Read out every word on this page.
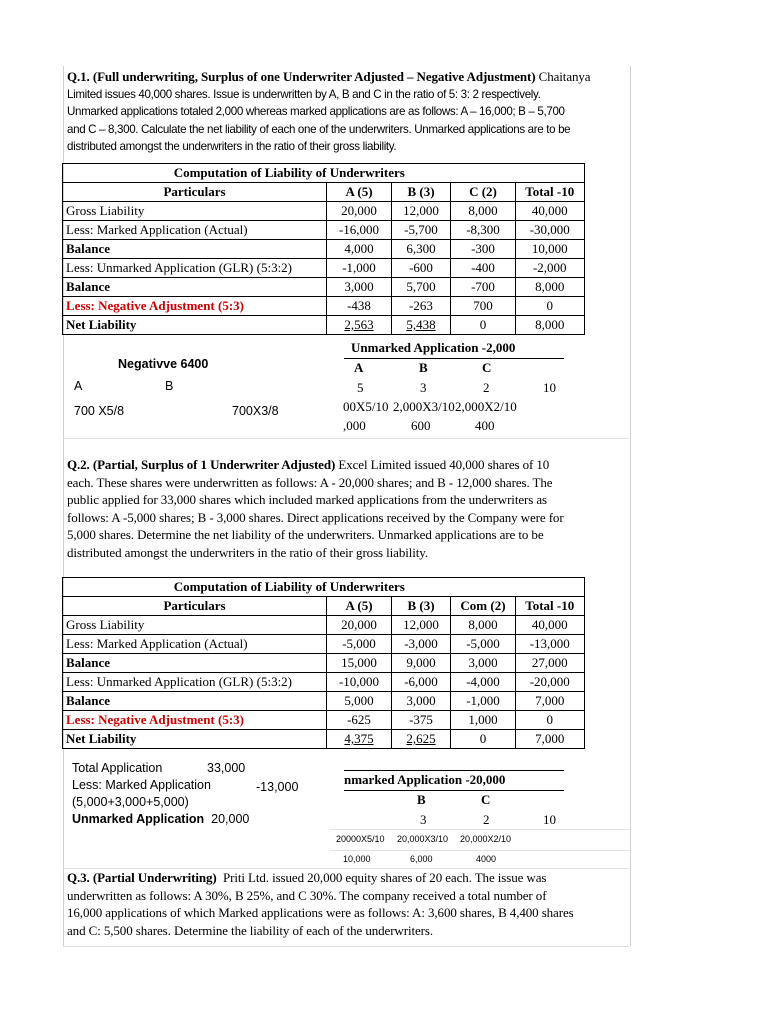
Q.1. (Full underwriting, Surplus of one Underwriter Adjusted – Negative Adjustment) Chaitanya
Limited issues 40,000 shares. Issue is underwritten by A, B and C in the ratio of 5: 3: 2 respectively.
Unmarked applications totaled 2,000 whereas marked applications are as follows: A – 16,000; B – 5,700
and C – 8,300. Calculate the net liability of each one of the underwriters. Unmarked applications are to be
distributed amongst the underwriters in the ratio of their gross liability.
Computation of Liability of Underwriters				
Particulars	A (5)	B (3)	C (2)	Total -10
Gross Liability	20,000	12,000	8,000	40,000
Less: Marked Application (Actual)	-16,000	-5,700	-8,300	-30,000
Balance	4,000	6,300	-300	10,000
Less: Unmarked Application (GLR) (5:3:2)	-1,000	-600	-400	-2,000
Balance	3,000	5,700	-700	8,000
Less: Negative Adjustment (5:3)	-438	-263	700	0
Net Liability	2,563	5,438	0	8,000
Negativve 6400
A	B
700 X5/8	700X3/8
Unmarked Application -2,000
A	B	C
5	3	2	10
00X5/10 2,000X3/10 2,000X2/10
,000	600	400
Q.2. (Partial, Surplus of 1 Underwriter Adjusted) Excel Limited issued 40,000 shares of 10
each. These shares were underwritten as follows: A - 20,000 shares; and B - 12,000 shares. The
public applied for 33,000 shares which included marked applications from the underwriters as
follows: A -5,000 shares; B - 3,000 shares. Direct applications received by the Company were for
5,000 shares. Determine the net liability of the underwriters. Unmarked applications are to be
distributed amongst the underwriters in the ratio of their gross liability.
Computation of Liability of Underwriters				
Particulars	A (5)	B (3)	Com (2)	Total -10
Gross Liability	20,000	12,000	8,000	40,000
Less: Marked Application (Actual)	-5,000	-3,000	-5,000	-13,000
Balance	15,000	9,000	3,000	27,000
Less: Unmarked Application (GLR) (5:3:2)	-10,000	-6,000	-4,000	-20,000
Balance	5,000	3,000	-1,000	7,000
Less: Negative Adjustment (5:3)	-625	-375	1,000	0
Net Liability	4,375	2,625	0	7,000
Total Application	33,000
Less: Marked Application	-13,000
(5,000+3,000+5,000)
Unmarked Application 20,000
nmarked Application -20,000
B	C
3	2	10
20000X5/10 20,000X3/10 20,000X2/10
10,000	6,000	4000
Q.3. (Partial Underwriting) Priti Ltd. issued 20,000 equity shares of 20 each. The issue was
underwritten as follows: A 30%, B 25%, and C 30%. The company received a total number of
16,000 applications of which Marked applications were as follows: A: 3,600 shares, B 4,400 shares
and C: 5,500 shares. Determine the liability of each of the underwriters.
